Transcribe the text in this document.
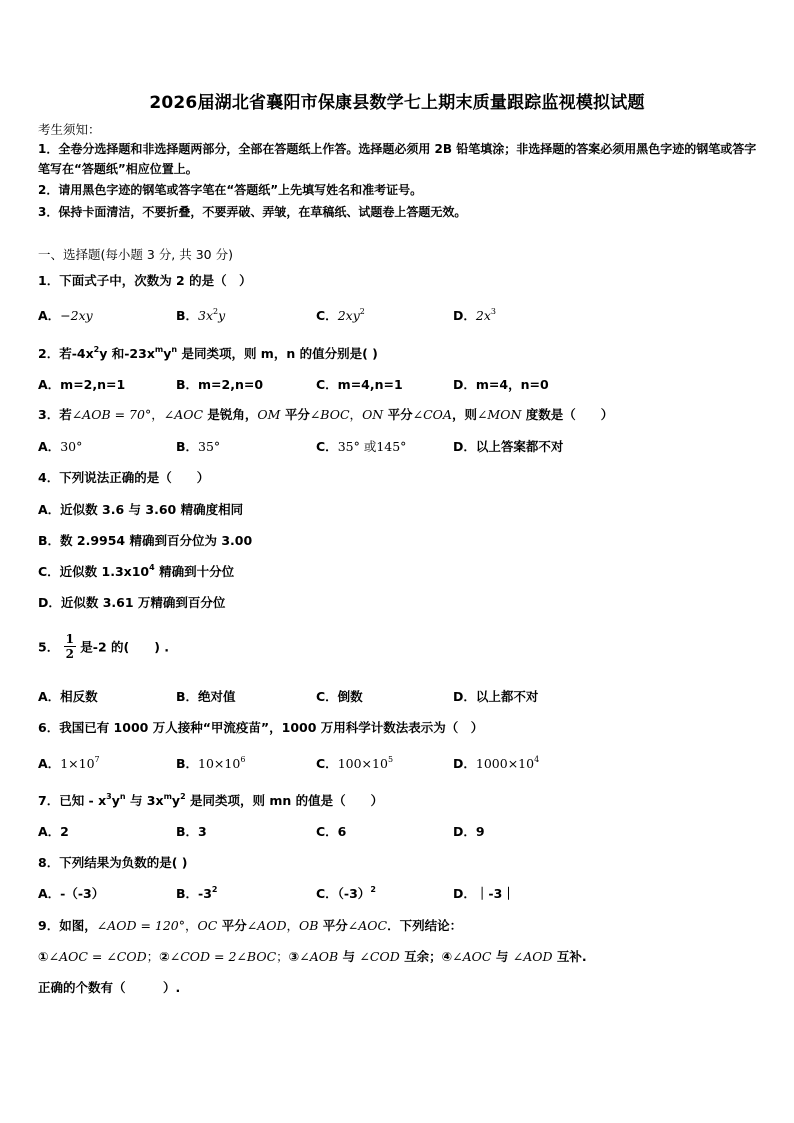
2026届湖北省襄阳市保康县数学七上期末质量跟踪监视模拟试题
考生须知：
1．全卷分选择题和非选择题两部分，全部在答题纸上作答。选择题必须用 2B 铅笔填涂；非选择题的答案必须用黑色字迹的钢笔或答字笔写在“答题纸”相应位置上。
2．请用黑色字迹的钢笔或答字笔在“答题纸”上先填写姓名和准考证号。
3．保持卡面清洁，不要折叠，不要弄破、弄皱，在草稿纸、试题卷上答题无效。
一、选择题(每小题 3 分, 共 30 分)
1．下面式子中，次数为 2 的是（　）
A．−2xy	B．$3x^2y$	C．$2xy^2$	D．$2x^3$
2．若$-4x^2y$ 和$-23x^my^n$ 是同类项，则 m，n 的值分别是( )
A．m=2,n=1	B．m=2,n=0	C．m=4,n=1	D．m=4，n=0
3．若∠AOB = 70°，∠AOC 是锐角，OM 平分∠BOC，ON 平分∠COA，则∠MON 度数是（　　）
A．30°	B．35°	C．35° 或145°	D．以上答案都不对
4．下列说法正确的是（　　）
A．近似数 3.6 与 3.60 精确度相同
B．数 2.9954 精确到百分位为 3.00
C．近似数 $1.3x10^4$ 精确到十分位
D．近似数 3.61 万精确到百分位
5． $\frac{1}{2}$ 是-2 的(　　) .
A．相反数	B．绝对值	C．倒数	D．以上都不对
6．我国已有 1000 万人接种“甲流疫苗”，1000 万用科学计数法表示为（　）
A．$1\times 10^7$	B．$10\times 10^6$	C．$100\times 10^5$	D．$1000\times 10^4$
7．已知 - $x^3y^n$ 与 $3x^my^2$ 是同类项，则 mn 的值是（　　）
A．2	B．3	C．6	D．9
8．下列结果为负数的是( )
A．-（-3）	B．$-3^2$	C．$(-3)^2$	D．｜-3｜
9．如图，∠AOD = 120°，OC 平分∠AOD，OB 平分∠AOC．下列结论：
①∠AOC = ∠COD；②∠COD = 2∠BOC；③∠AOB 与 ∠COD 互余；④∠AOC 与 ∠AOD 互补.
正确的个数有（　　　）.
